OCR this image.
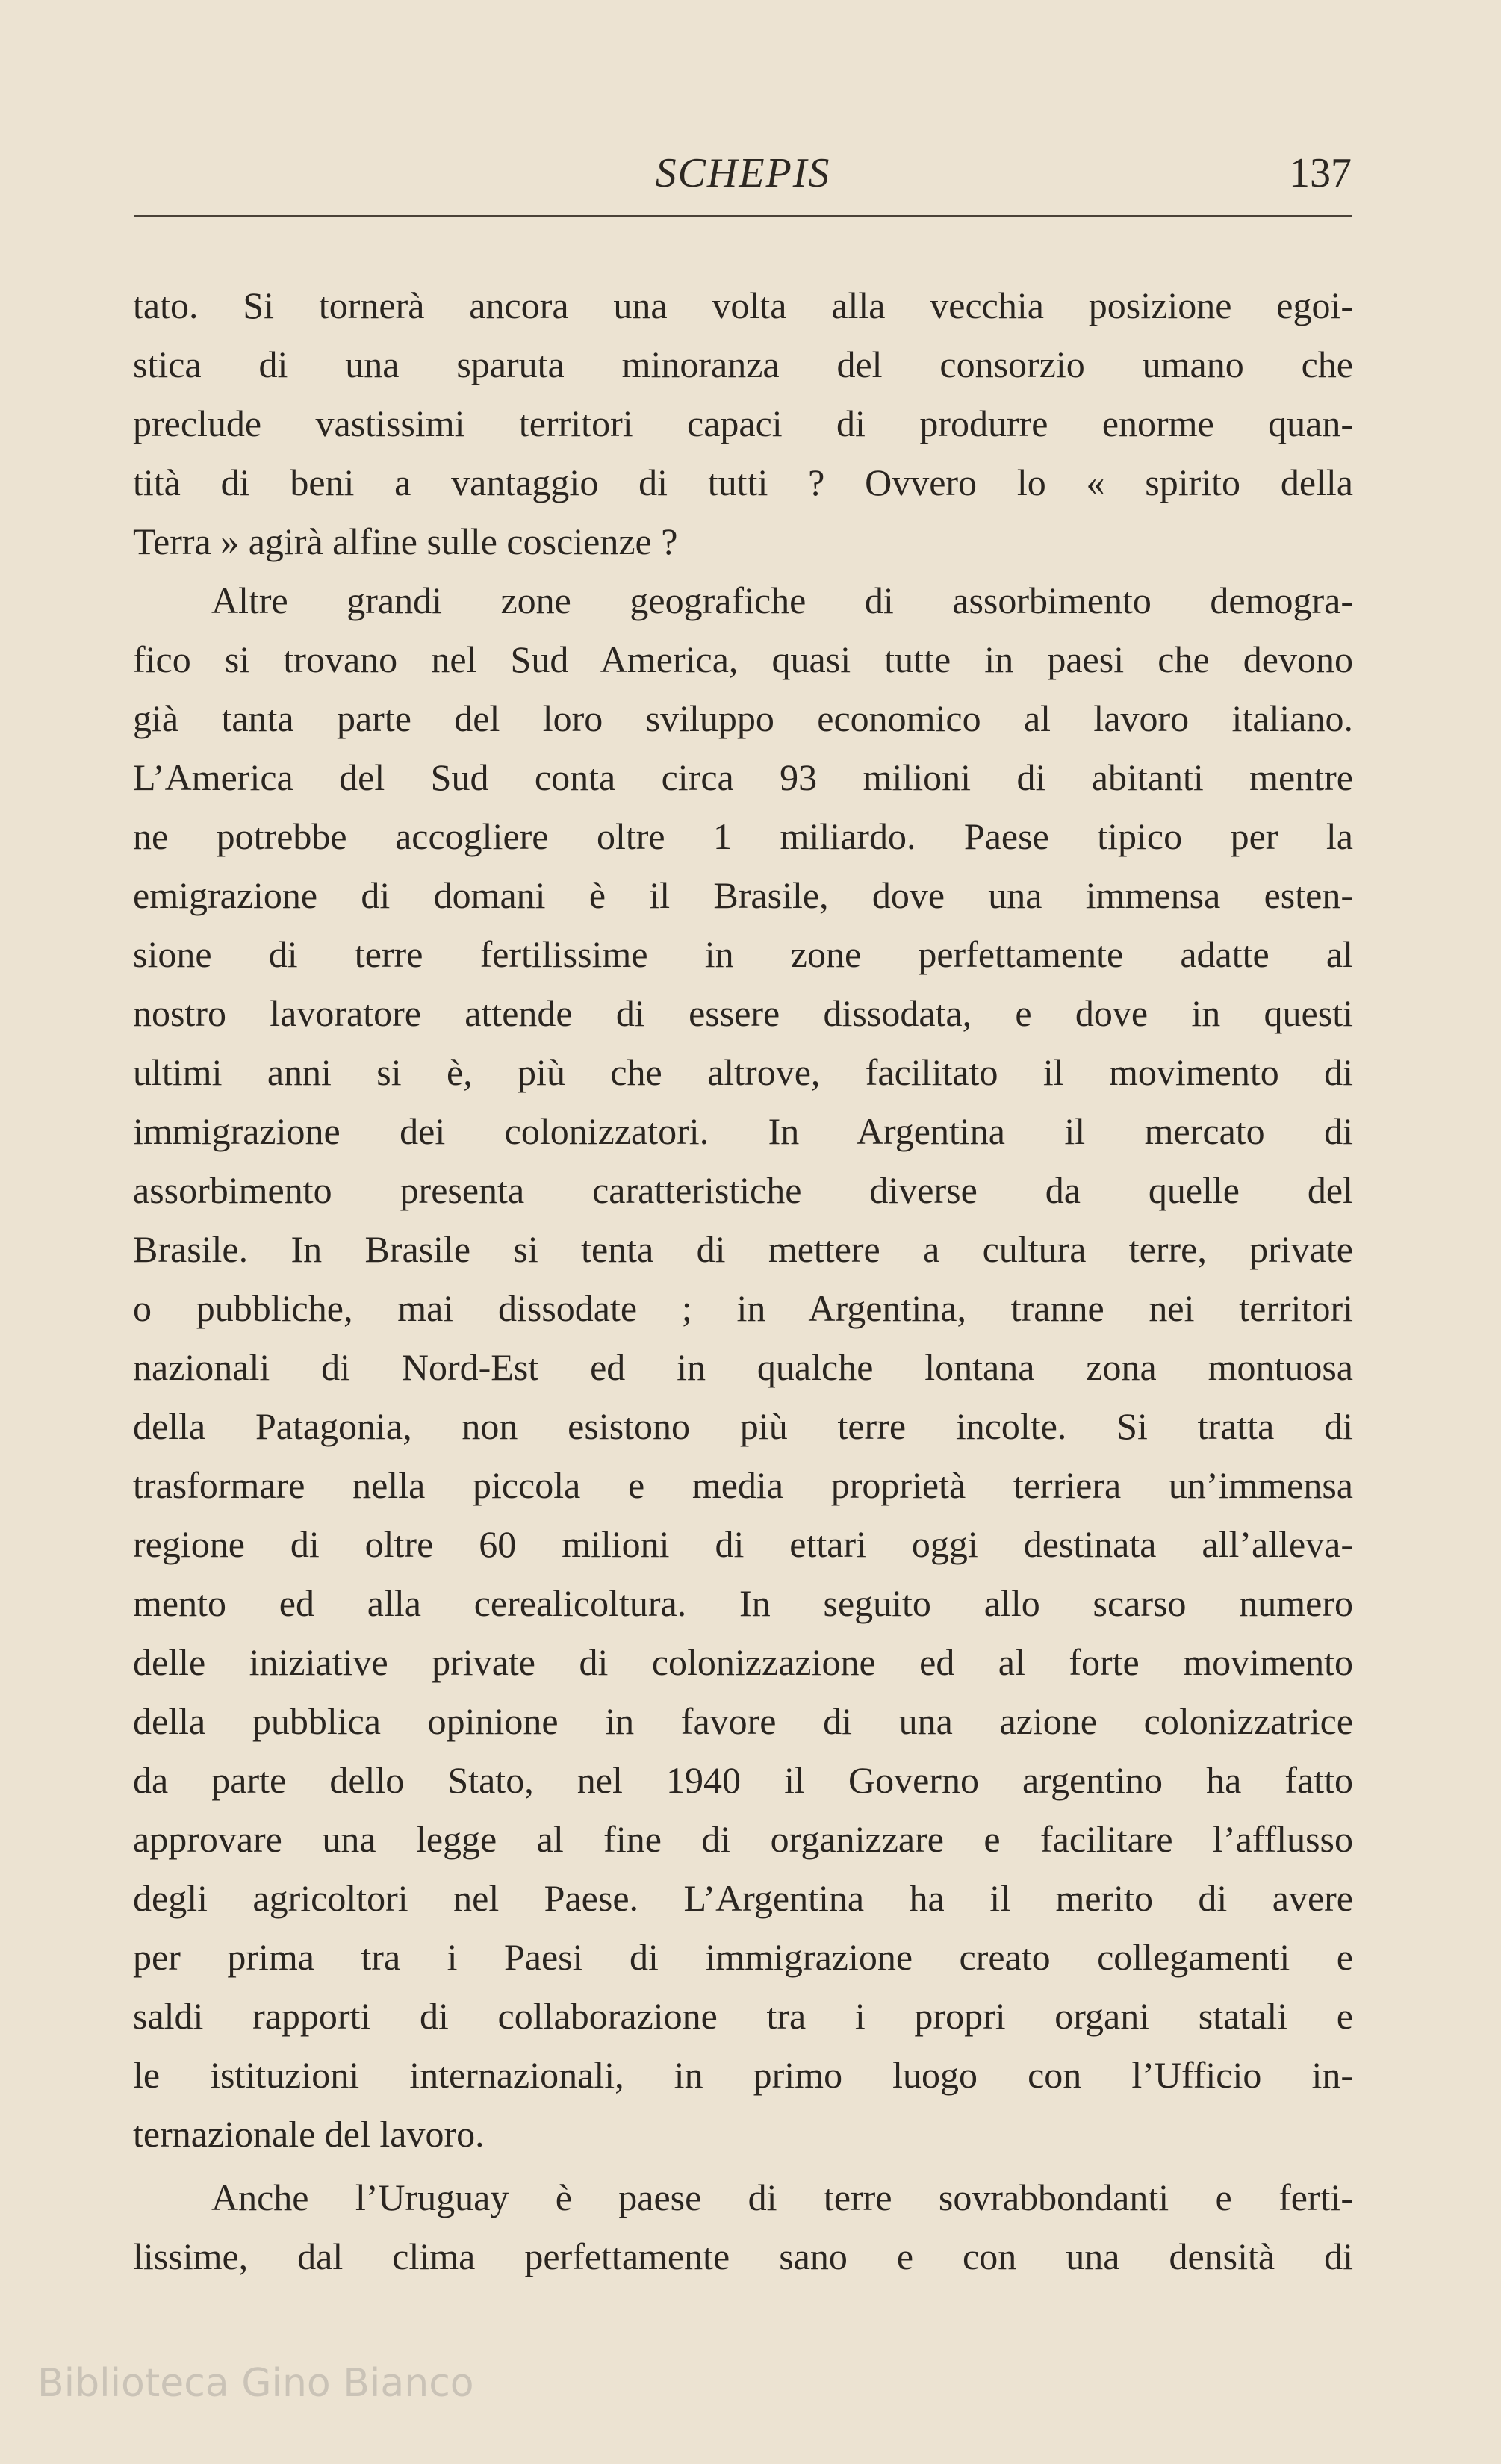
SCHEPIS	137
tato. Si tornerà ancora una volta alla vecchia posizione egoi-
stica di una sparuta minoranza del consorzio umano che
preclude vastissimi territori capaci di produrre enorme quan-
tità di beni a vantaggio di tutti ? Ovvero lo « spirito della
Terra » agirà alfine sulle coscienze ?
Altre grandi zone geografiche di assorbimento demogra-
fico si trovano nel Sud America, quasi tutte in paesi che devono
già tanta parte del loro sviluppo economico al lavoro italiano.
L’America del Sud conta circa 93 milioni di abitanti mentre
ne potrebbe accogliere oltre 1 miliardo. Paese tipico per la
emigrazione di domani è il Brasile, dove una immensa esten-
sione di terre fertilissime in zone perfettamente adatte al
nostro lavoratore attende di essere dissodata, e dove in questi
ultimi anni si è, più che altrove, facilitato il movimento di
immigrazione dei colonizzatori. In Argentina il mercato di
assorbimento presenta caratteristiche diverse da quelle del
Brasile. In Brasile si tenta di mettere a cultura terre, private
o pubbliche, mai dissodate ; in Argentina, tranne nei territori
nazionali di Nord-Est ed in qualche lontana zona montuosa
della Patagonia, non esistono più terre incolte. Si tratta di
trasformare nella piccola e media proprietà terriera un’immensa
regione di oltre 60 milioni di ettari oggi destinata all’alleva-
mento ed alla cerealicoltura. In seguito allo scarso numero
delle iniziative private di colonizzazione ed al forte movimento
della pubblica opinione in favore di una azione colonizzatrice
da parte dello Stato, nel 1940 il Governo argentino ha fatto
approvare una legge al fine di organizzare e facilitare l’afflusso
degli agricoltori nel Paese. L’Argentina ha il merito di avere
per prima tra i Paesi di immigrazione creato collegamenti e
saldi rapporti di collaborazione tra i propri organi statali e
le istituzioni internazionali, in primo luogo con l’Ufficio in-
ternazionale del lavoro.
Anche l’Uruguay è paese di terre sovrabbondanti e ferti-
lissime, dal clima perfettamente sano e con una densità di
Biblioteca Gino Bianco
